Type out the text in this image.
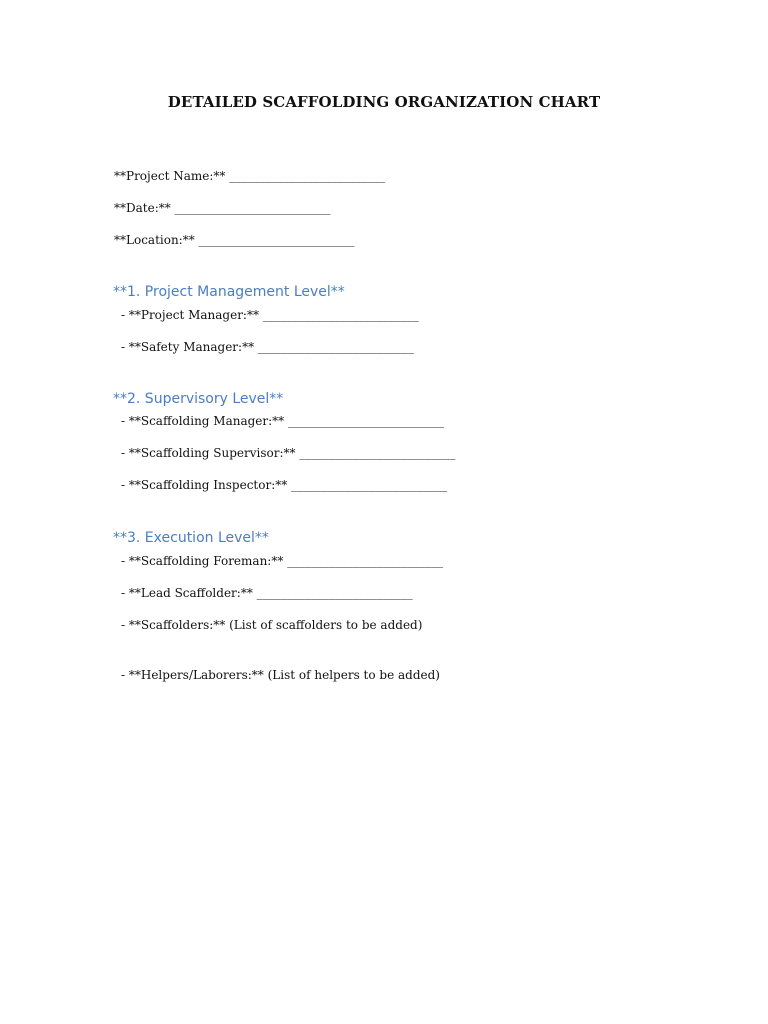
DETAILED SCAFFOLDING ORGANIZATION CHART
**Project Name:** __________________________
**Date:** __________________________
**Location:** __________________________
**1. Project Management Level**
- **Project Manager:** __________________________
- **Safety Manager:** __________________________
**2. Supervisory Level**
- **Scaffolding Manager:** __________________________
- **Scaffolding Supervisor:** __________________________
- **Scaffolding Inspector:** __________________________
**3. Execution Level**
- **Scaffolding Foreman:** __________________________
- **Lead Scaffolder:** __________________________
- **Scaffolders:** (List of scaffolders to be added)
- **Helpers/Laborers:** (List of helpers to be added)
